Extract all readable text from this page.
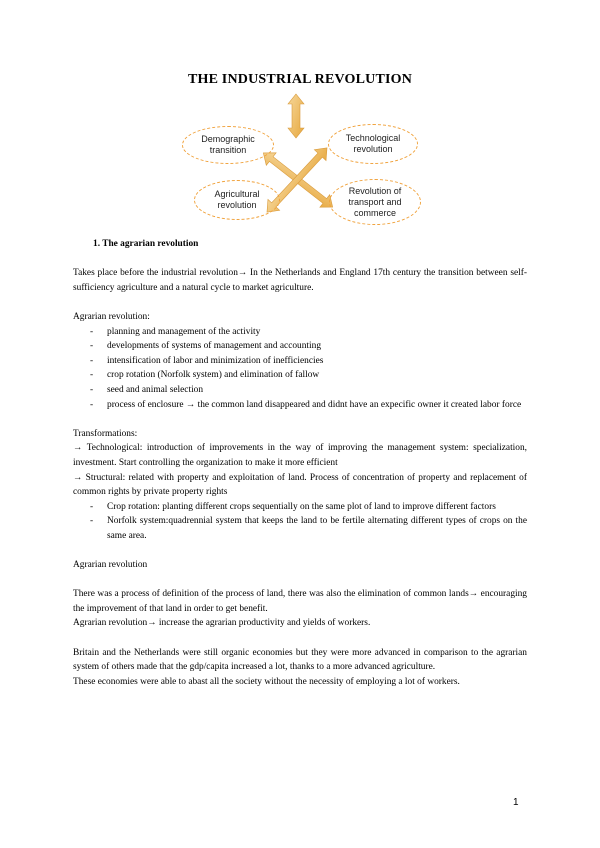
THE INDUSTRIAL REVOLUTION
Demographic transition
Technological revolution
Agricultural revolution
Revolution of transport and commerce

1. The agrarian revolution

Takes place before the industrial revolution→ In the Netherlands and England 17th century the transition between self-sufficiency agriculture and a natural cycle to market agriculture.

Agrarian revolution:

- planning and management of the activity
- developments of systems of management and accounting
- intensification of labor and minimization of inefficiencies
- crop rotation (Norfolk system) and elimination of fallow
- seed and animal selection
- process of enclosure → the common land disappeared and didnt have an expecific owner it created labor force

Transformations:

→ Technological: introduction of improvements in the way of improving the management system: specialization, investment. Start controlling the organization to make it more efficient

→ Structural: related with property and exploitation of land. Process of concentration of property and replacement of common rights by private property rights

- Crop rotation: planting different crops sequentially on the same plot of land to improve different factors
- Norfolk system:quadrennial system that keeps the land to be fertile alternating different types of crops on the same area.

Agrarian revolution

There was a process of definition of the process of land, there was also the elimination of common lands→ encouraging the improvement of that land in order to get benefit.

Agrarian revolution→ increase the agrarian productivity and yields of workers.

Britain and the Netherlands were still organic economies but they were more advanced in comparison to the agrarian system of others made that the gdp/capita increased a lot, thanks to a more advanced agriculture.

These economies were able to abast all the society without the necessity of employing a lot of workers.

1
